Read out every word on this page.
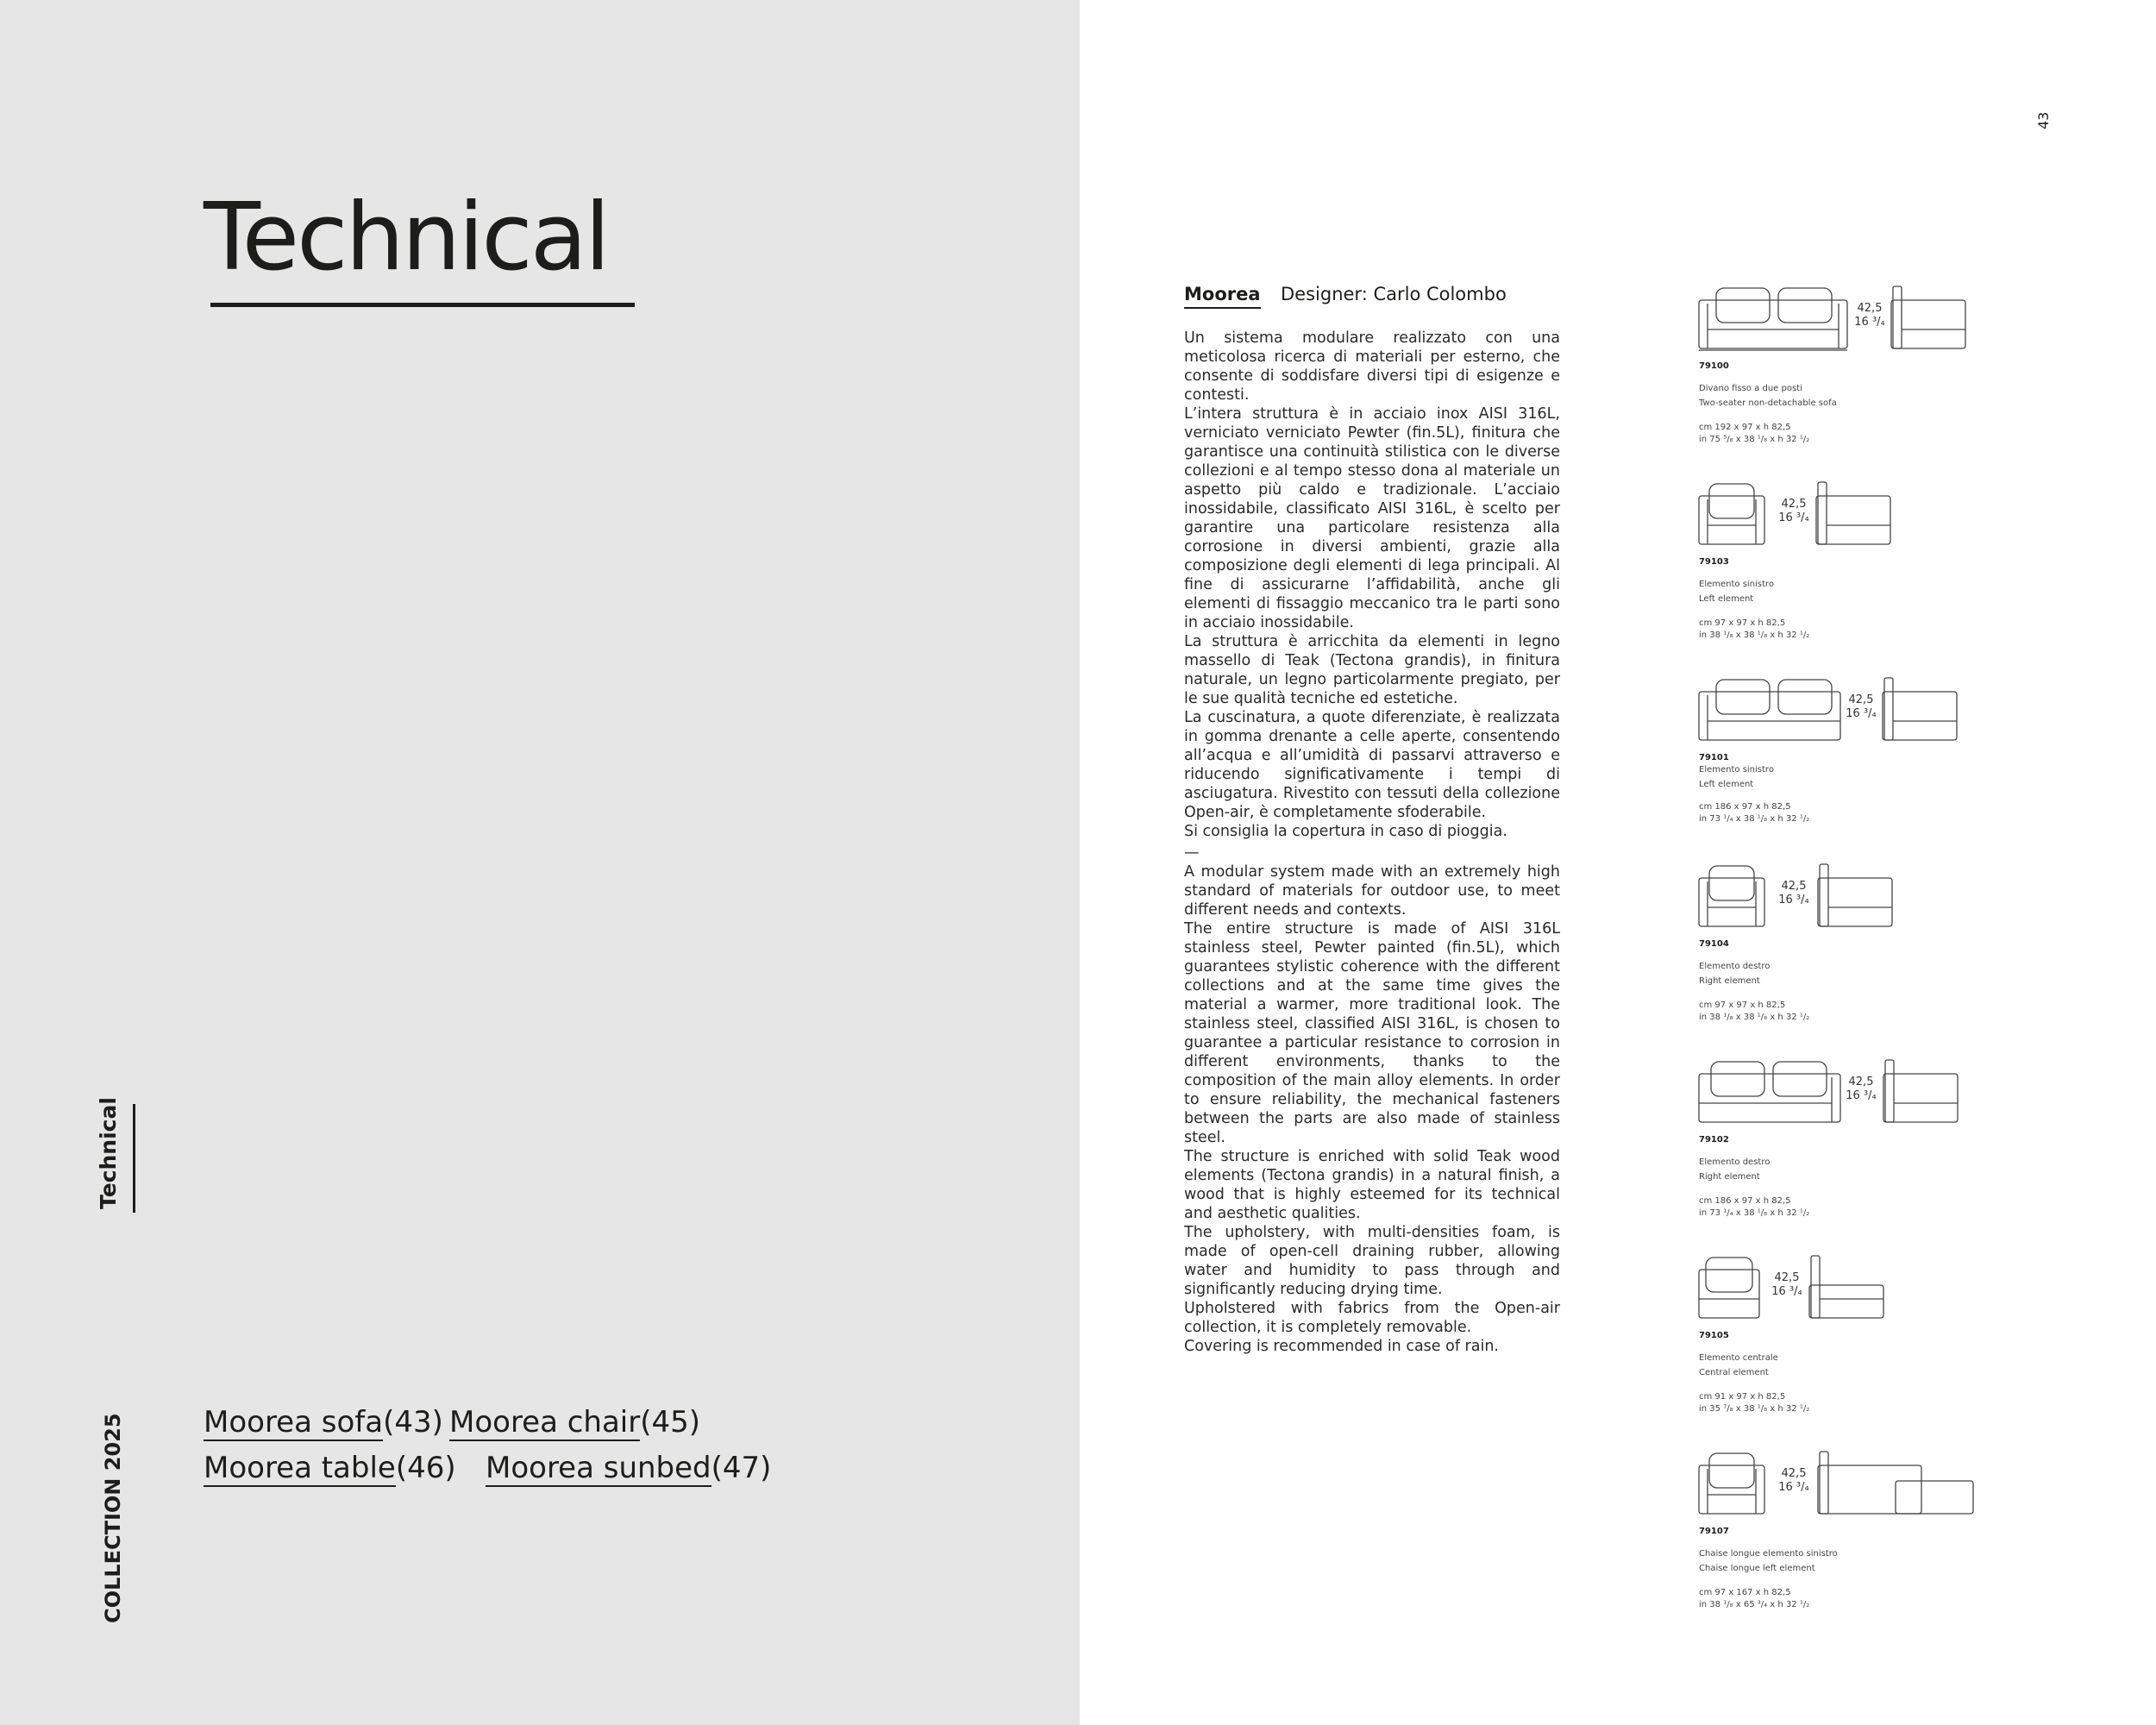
Technical
Technical
COLLECTION 2025	Moorea sofa(43) Moorea chair(45)
Moorea table(46) Moorea sunbed(47)
43
Moorea Designer: Carlo Colombo

Un sistema modulare realizzato con una meticolosa ricerca di materiali per esterno, che consente di soddisfare diversi tipi di esigenze e contesti.

L’intera struttura è in acciaio inox AISI 316L, verniciato verniciato Pewter (fin.5L), finitura che garantisce una continuità stilistica con le diverse collezioni e al tempo stesso dona al materiale un aspetto più caldo e tradizionale. L’acciaio inossidabile, classificato AISI 316L, è scelto per garantire una particolare resistenza alla corrosione in diversi ambienti, grazie alla composizione degli elementi di lega principali. Al fine di assicurarne l’affidabilità, anche gli elementi di fissaggio meccanico tra le parti sono in acciaio inossidabile.

La struttura è arricchita da elementi in legno massello di Teak (Tectona grandis), in finitura naturale, un legno particolarmente pregiato, per le sue qualità tecniche ed estetiche.

La cuscinatura, a quote diferenziate, è realizzata in gomma drenante a celle aperte, consentendo all’acqua e all’umidità di passarvi attraverso e riducendo significativamente i tempi di asciugatura. Rivestito con tessuti della collezione Open-air, è completamente sfoderabile.

Si consiglia la copertura in caso di pioggia.

—

A modular system made with an extremely high standard of materials for outdoor use, to meet different needs and contexts.

The entire structure is made of AISI 316L stainless steel, Pewter painted (fin.5L), which guarantees stylistic coherence with the different collections and at the same time gives the material a warmer, more traditional look. The stainless steel, classified AISI 316L, is chosen to guarantee a particular resistance to corrosion in different environments, thanks to the composition of the main alloy elements. In order to ensure reliability, the mechanical fasteners between the parts are also made of stainless steel.

The structure is enriched with solid Teak wood elements (Tectona grandis) in a natural finish, a wood that is highly esteemed for its technical and aesthetic qualities.

The upholstery, with multi-densities foam, is made of open-cell draining rubber, allowing water and humidity to pass through and significantly reducing drying time.

Upholstered with fabrics from the Open-air collection, it is completely removable.

Covering is recommended in case of rain.

42,5
16 ³/₄
79100
Divano fisso a due posti
Two-seater non-detachable sofa
cm 192 x 97 x h 82,5
in 75 ⁵/₈ x 38 ¹/₈ x h 32 ¹/₂
42,5
16 ³/₄
79103
Elemento sinistro
Left element
cm 97 x 97 x h 82,5
in 38 ¹/₈ x 38 ¹/₈ x h 32 ¹/₂
42,5
16 ³/₄
79101
Elemento sinistro
Left element
cm 186 x 97 x h 82,5
in 73 ¹/₄ x 38 ¹/₈ x h 32 ¹/₂
42,5
16 ³/₄
79104
Elemento destro
Right element
cm 97 x 97 x h 82,5
in 38 ¹/₈ x 38 ¹/₈ x h 32 ¹/₂
42,5
16 ³/₄
79102
Elemento destro
Right element
cm 186 x 97 x h 82,5
in 73 ¹/₄ x 38 ¹/₈ x h 32 ¹/₂
42,5
16 ³/₄
79105
Elemento centrale
Central element
cm 91 x 97 x h 82,5
in 35 ⁷/₈ x 38 ¹/₈ x h 32 ¹/₂
42,5
16 ³/₄
79107
Chaise longue elemento sinistro
Chaise longue left element
cm 97 x 167 x h 82,5
in 38 ¹/₈ x 65 ³/₄ x h 32 ¹/₂
